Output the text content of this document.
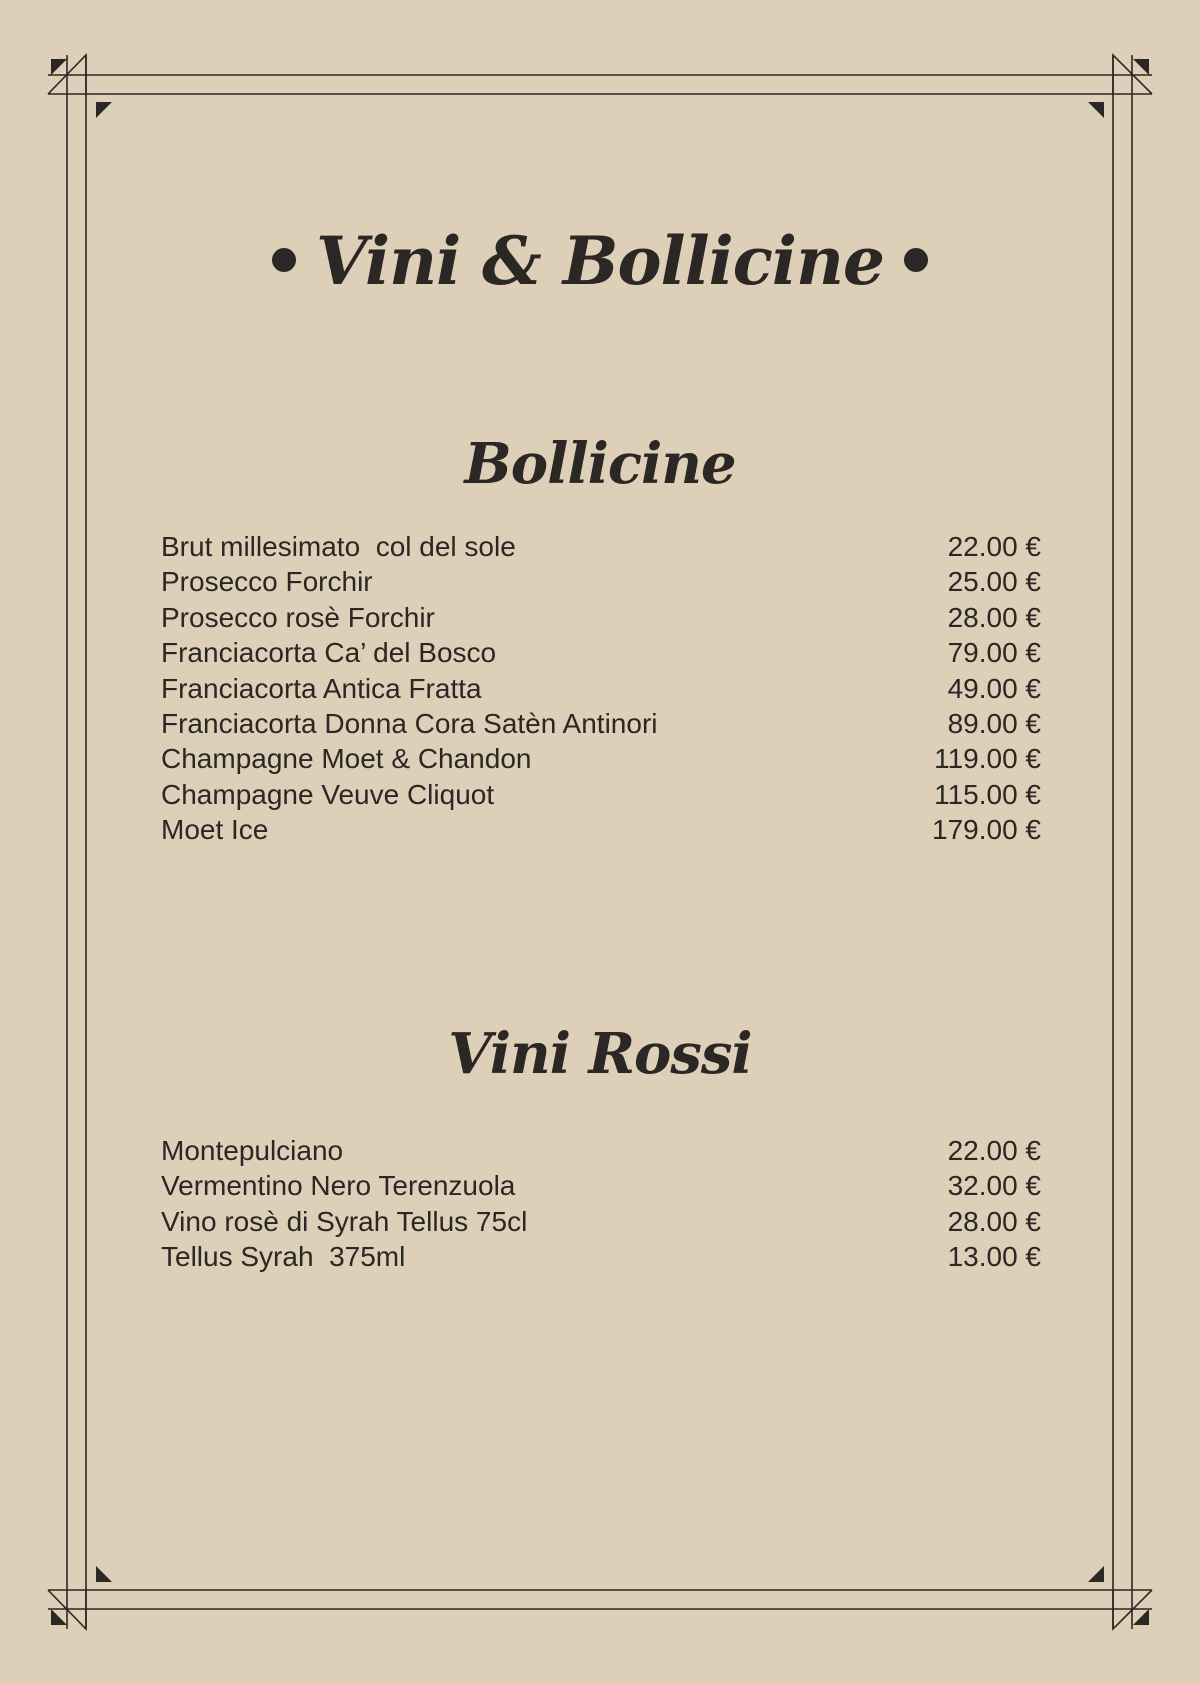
Vini & Bollicine
Bollicine
Brut millesimato  col del sole	22.00 €
Prosecco Forchir	25.00 €
Prosecco rosè Forchir	28.00 €
Franciacorta Ca’ del Bosco	79.00 €
Franciacorta Antica Fratta	49.00 €
Franciacorta Donna Cora Satèn Antinori	89.00 €
Champagne Moet & Chandon	119.00 €
Champagne Veuve Cliquot	115.00 €
Moet Ice	179.00 €
Vini Rossi
Montepulciano	22.00 €
Vermentino Nero Terenzuola	32.00 €
Vino rosè di Syrah Tellus 75cl	28.00 €
Tellus Syrah  375ml	13.00 €
